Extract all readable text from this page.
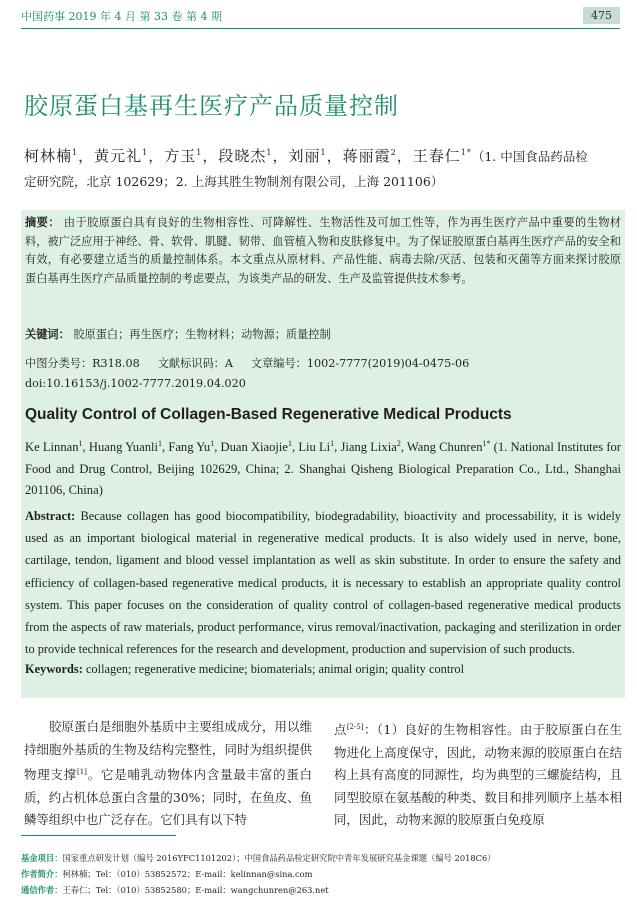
中国药事 2019 年 4 月 第 33 卷 第 4 期	475
胶原蛋白基再生医疗产品质量控制
柯林楠$^1$，黄元礼$^1$，方玉$^1$，段晓杰$^1$，刘丽$^1$，蒋丽霞$^2$，王春仁$^{1*}$（1. 中国食品药品检
定研究院，北京 102629；2. 上海其胜生物制剂有限公司，上海 201106）
摘要： 由于胶原蛋白具有良好的生物相容性、可降解性、生物活性及可加工性等，作为再生医疗产品中重要的生物材料，被广泛应用于神经、骨、软骨、肌腱、韧带、血管植入物和皮肤修复中。为了保证胶原蛋白基再生医疗产品的安全和有效，有必要建立适当的质量控制体系。本文重点从原材料、产品性能、病毒去除/灭活、包装和灭菌等方面来探讨胶原蛋白基再生医疗产品质量控制的考虑要点，为该类产品的研发、生产及监管提供技术参考。
关键词： 胶原蛋白；再生医疗；生物材料；动物源；质量控制
中图分类号：R318.08 文献标识码：A 文章编号：1002-7777(2019)04-0475-06
doi:10.16153/j.1002-7777.2019.04.020
Quality Control of Collagen-Based Regenerative Medical Products
Ke Linnan$^1$, Huang Yuanli$^1$, Fang Yu$^1$, Duan Xiaojie$^1$, Liu Li$^1$, Jiang Lixia$^2$, Wang Chunren$^{1*}$ (1. National Institutes for Food and Drug Control, Beijing 102629, China; 2. Shanghai Qisheng Biological Preparation Co., Ltd., Shanghai 201106, China)
Abstract: Because collagen has good biocompatibility, biodegradability, bioactivity and processability, it is widely used as an important biological material in regenerative medical products. It is also widely used in nerve, bone, cartilage, tendon, ligament and blood vessel implantation as well as skin substitute. In order to ensure the safety and efficiency of collagen-based regenerative medical products, it is necessary to establish an appropriate quality control system. This paper focuses on the consideration of quality control of collagen-based regenerative medical products from the aspects of raw materials, product performance, virus removal/inactivation, packaging and sterilization in order to provide technical references for the research and development, production and supervision of such products.
Keywords: collagen; regenerative medicine; biomaterials; animal origin; quality control
胶原蛋白是细胞外基质中主要组成成分，用以维持细胞外基质的生物及结构完整性，同时为组织提供物理支撑[1]。它是哺乳动物体内含量最丰富的蛋白质，约占机体总蛋白含量的30%；同时，在鱼皮、鱼鳞等组织中也广泛存在。它们具有以下特
点[2-5]：（1）良好的生物相容性。由于胶原蛋白在生物进化上高度保守，因此，动物来源的胶原蛋白在结构上具有高度的同源性，均为典型的三螺旋结构，且同型胶原在氨基酸的种类、数目和排列顺序上基本相同，因此，动物来源的胶原蛋白免疫原
基金项目：国家重点研发计划（编号 2016YFC1101202）；中国食品药品检定研究院中青年发展研究基金课题（编号 2018C6）
作者简介：柯林楠；Tel：（010）53852572；E-mail：kelinnan@sina.com
通信作者：王春仁；Tel：（010）53852580；E-mail：wangchunren@263.net
